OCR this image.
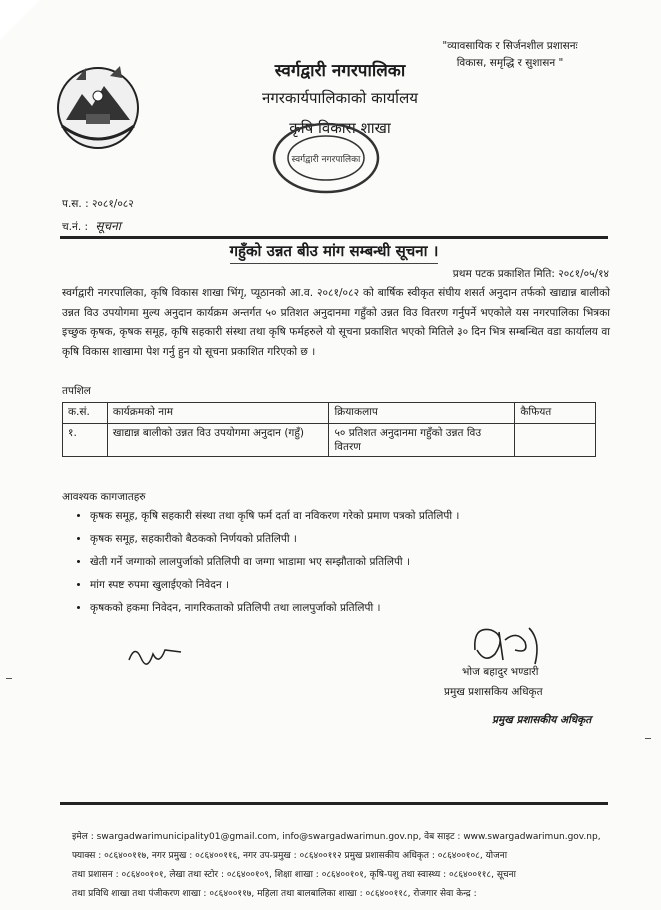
"व्यावसायिक र सिर्जनशील प्रशासनः
विकास, समृद्धि र सुशासन "
स्वर्गद्वारी नगरपालिका
नगरकार्यपालिकाको कार्यालय
कृषि विकास शाखा
स्वर्गद्वारी नगरपालिका
प.स. : २०८१/०८२
च.नं. : सूचना
गहुँको उन्नत बीउ मांग सम्बन्धी सूचना ।
प्रथम पटक प्रकाशित मिति: २०८१/०५/१४
स्वर्गद्वारी नगरपालिका, कृषि विकास शाखा भिंगृ, प्यूठानको आ.व. २०८१/०८२ को बार्षिक स्वीकृत संघीय शसर्त अनुदान तर्फको खाद्यान्न बालीको उन्नत विउ उपयोगमा मुल्य अनुदान कार्यक्रम अन्तर्गत ५० प्रतिशत अनुदानमा गहुँको उन्नत विउ वितरण गर्नुपर्ने भएकोले यस नगरपालिका भित्रका इच्छुक कृषक, कृषक समूह, कृषि सहकारी संस्था तथा कृषि फर्महरुले यो सूचना प्रकाशित भएको मितिले ३० दिन भित्र सम्बन्धित वडा कार्यालय वा कृषि विकास शाखामा पेश गर्नु हुन यो सूचना प्रकाशित गरिएको छ ।
तपशिल
क.सं.	कार्यक्रमको नाम	क्रियाकलाप	कैफियत
१.	खाद्यान्न बालीको उन्नत विउ उपयोगमा अनुदान (गहुँ)	५० प्रतिशत अनुदानमा गहुँको उन्नत विउ वितरण	
आवश्यक कागजातहरु
• कृषक समूह, कृषि सहकारी संस्था तथा कृषि फर्म दर्ता वा नविकरण गरेको प्रमाण पत्रको प्रतिलिपी ।
• कृषक समूह, सहकारीको बैठकको निर्णयको प्रतिलिपी ।
• खेती गर्ने जग्गाको लालपुर्जाको प्रतिलिपी वा जग्गा भाडामा भए सम्झौताको प्रतिलिपी ।
• मांग स्पष्ट रुपमा खुलाईएको निवेदन ।
• कृषकको हकमा निवेदन, नागरिकताको प्रतिलिपी तथा लालपुर्जाको प्रतिलिपी ।
भोज बहादुर भण्डारी
प्रमुख प्रशासकिय अधिकृत
प्रमुख प्रशासकीय अधिकृत
इमेल : swargadwarimunicipality01@gmail.com, info@swargadwarimun.gov.np, वेब साइट : www.swargadwarimun.gov.np,
फ्याक्स : ०८६४००११७, नगर प्रमुख : ०८६४००११६, नगर उप-प्रमुख : ०८६४००११२ प्रमुख प्रशासकीय अधिकृत : ०८६४००१०८, योजना
तथा प्रशासन : ०८६४००१०१, लेखा तथा स्टोर : ०८६४००१०९, शिक्षा शाखा : ०८६४००१०१, कृषि-पशु तथा स्वास्थ्य : ०८६४००११८, सूचना
तथा प्रविधि शाखा तथा पंजीकरण शाखा : ०८६४००११७, महिला तथा बालबालिका शाखा : ०८६४००११८, रोजगार सेवा केन्द्र :
